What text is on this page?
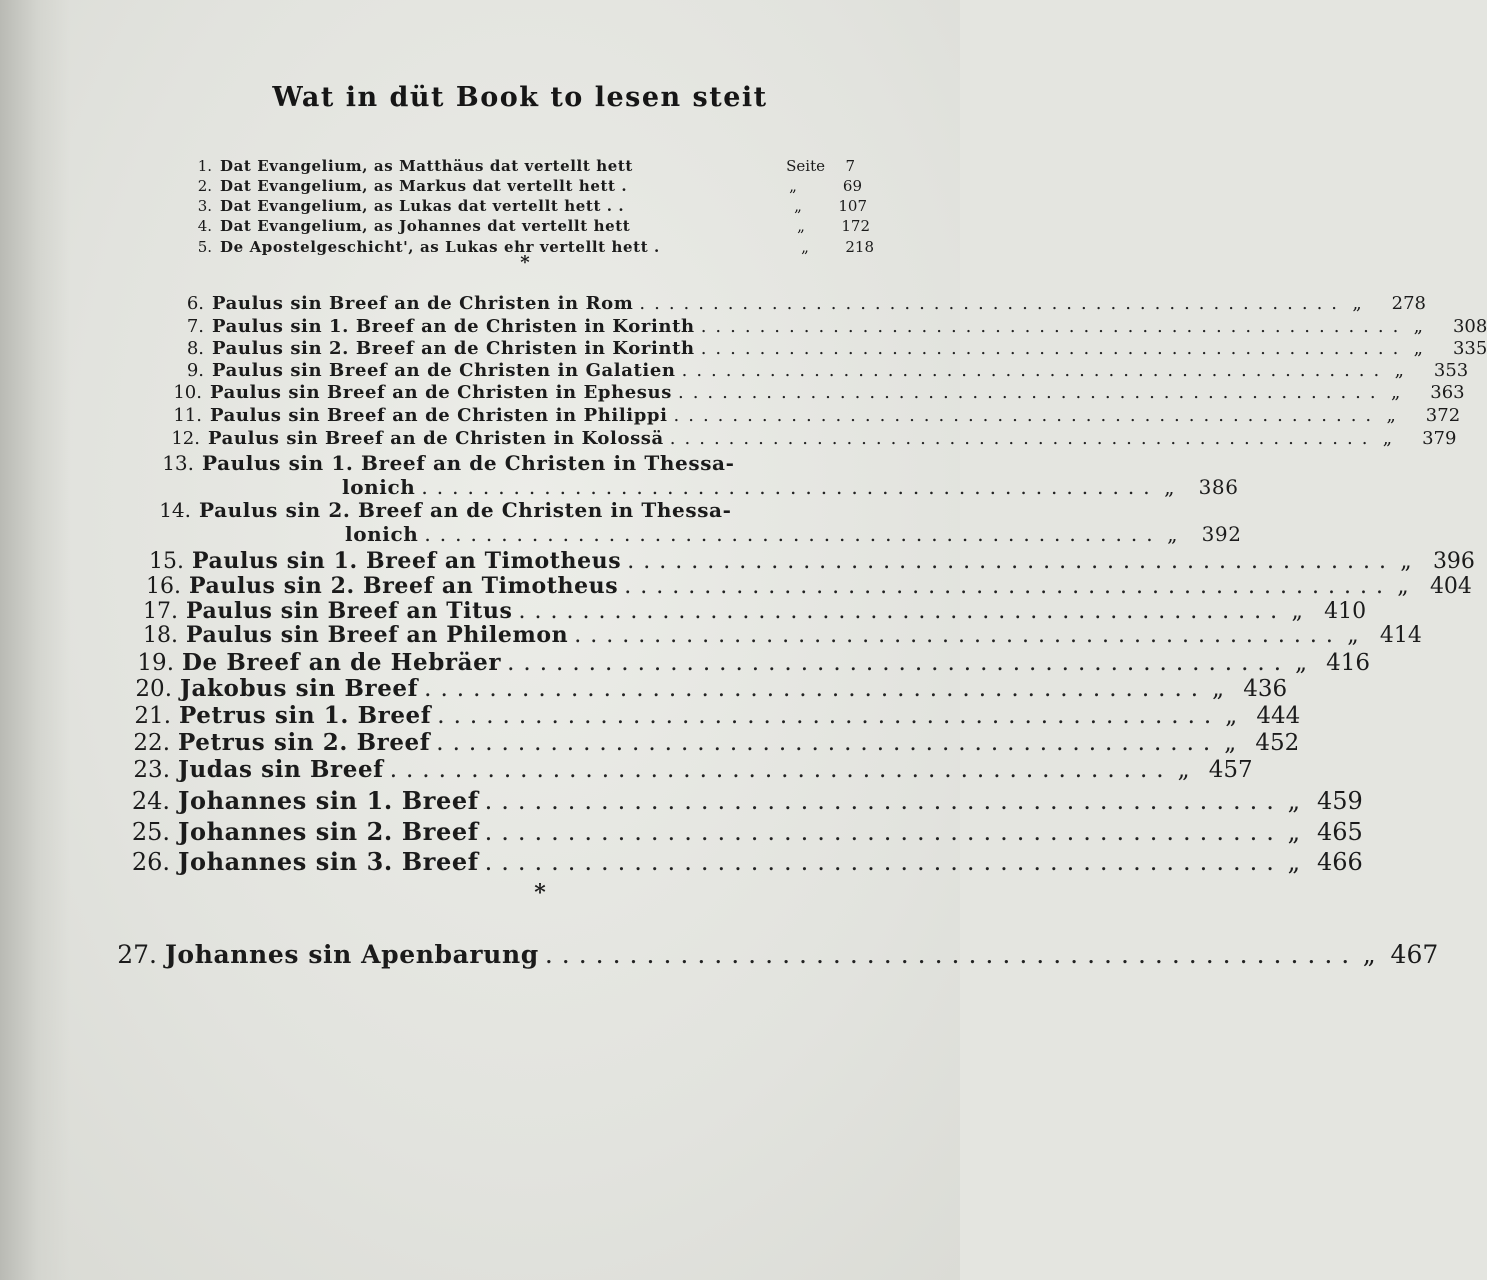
Wat in düt Book to lesen steit
*
*
1. Dat Evangelium, as Matthäus dat vertellt hett	Seite	7
2. Dat Evangelium, as Markus dat vertellt hett .	„	69
3. Dat Evangelium, as Lukas dat vertellt hett . .	„	107
4. Dat Evangelium, as Johannes dat vertellt hett	„	172
5. De Apostelgeschicht', as Lukas ehr vertellt hett .	„	218
6. Paulus sin Breef an de Christen in Rom ................................................ „	278
7. Paulus sin 1. Breef an de Christen in Korinth ................................................ „	308
8. Paulus sin 2. Breef an de Christen in Korinth ................................................ „	335
9. Paulus sin Breef an de Christen in Galatien ................................................ „	353
10. Paulus sin Breef an de Christen in Ephesus ................................................ „	363
11. Paulus sin Breef an de Christen in Philippi ................................................ „	372
12. Paulus sin Breef an de Christen in Kolossä ................................................ „	379
13. Paulus sin 1. Breef an de Christen in Thessa-
lonich ................................................ „	386
14. Paulus sin 2. Breef an de Christen in Thessa-
lonich ................................................ „	392
15. Paulus sin 1. Breef an Timotheus ................................................ „ 396
16. Paulus sin 2. Breef an Timotheus ................................................ „ 404
17. Paulus sin Breef an Titus ................................................ „ 410
18. Paulus sin Breef an Philemon ................................................ „ 414
19. De Breef an de Hebräer ................................................ „ 416
20. Jakobus sin Breef ................................................ „ 436
21. Petrus sin 1. Breef ................................................ „ 444
22. Petrus sin 2. Breef ................................................ „ 452
23. Judas sin Breef ................................................ „ 457
24. Johannes sin 1. Breef ................................................ „ 459
25. Johannes sin 2. Breef ................................................ „ 465
26. Johannes sin 3. Breef ................................................ „ 466
27. Johannes sin Apenbarung ................................................ „ 467
